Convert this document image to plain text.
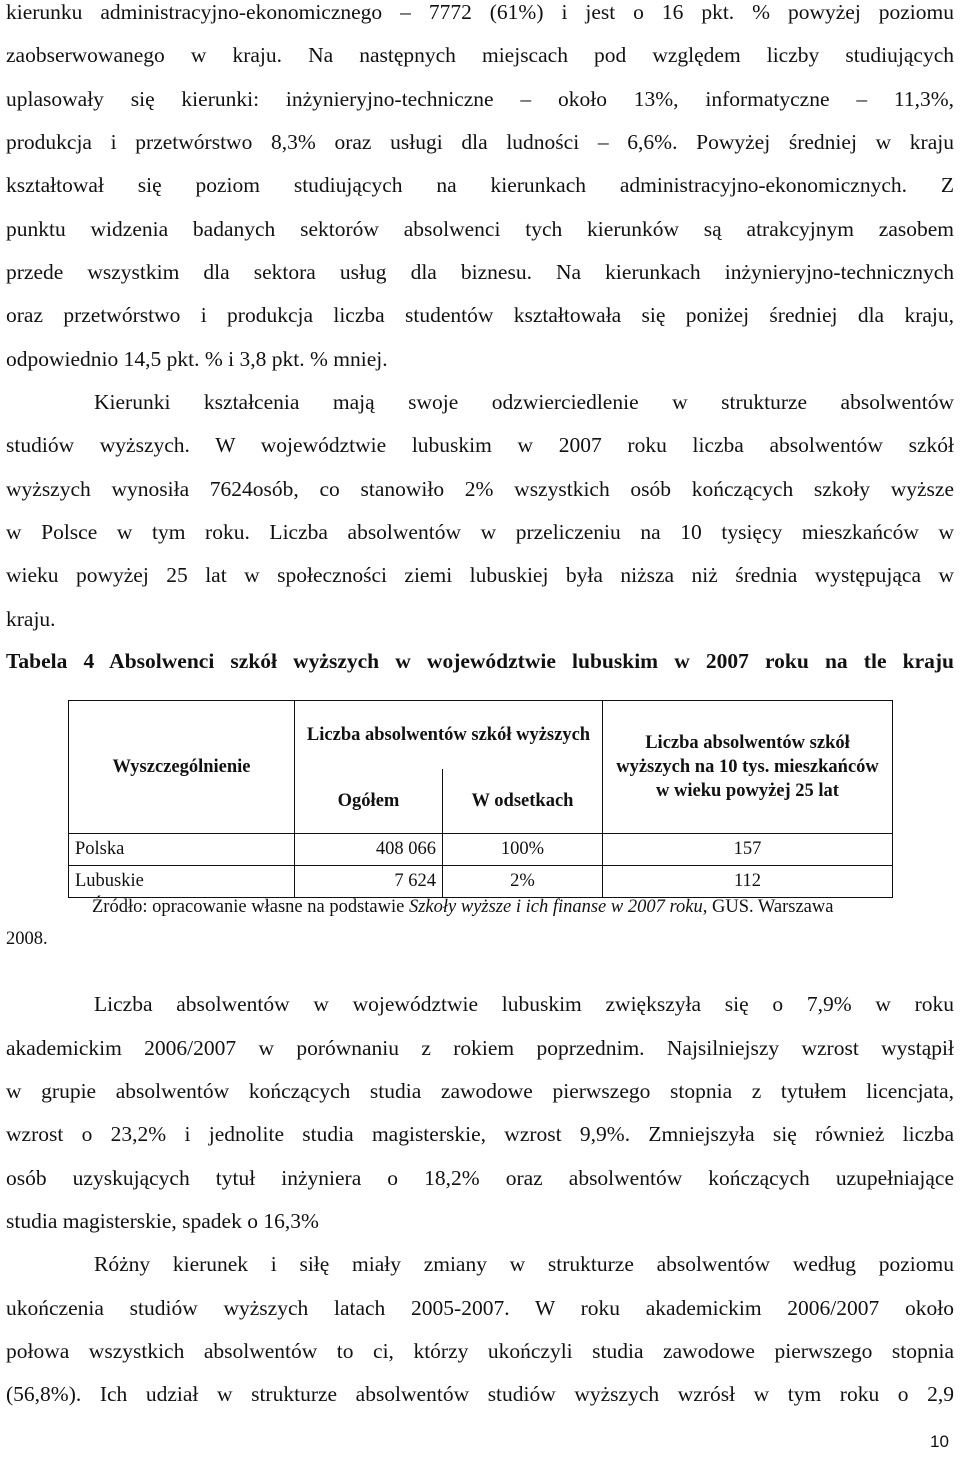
kierunku administracyjno-ekonomicznego – 7772 (61%) i jest o 16 pkt. % powyżej poziomu
zaobserwowanego w kraju. Na następnych miejscach pod względem liczby studiujących
uplasowały się kierunki: inżynieryjno-techniczne – około 13%, informatyczne – 11,3%,
produkcja i przetwórstwo 8,3% oraz usługi dla ludności – 6,6%. Powyżej średniej w kraju
kształtował się poziom studiujących na kierunkach administracyjno-ekonomicznych. Z
punktu widzenia badanych sektorów absolwenci tych kierunków są atrakcyjnym zasobem
przede wszystkim dla sektora usług dla biznesu. Na kierunkach inżynieryjno-technicznych
oraz przetwórstwo i produkcja liczba studentów kształtowała się poniżej średniej dla kraju,
odpowiednio 14,5 pkt. % i 3,8 pkt. % mniej.
Kierunki kształcenia mają swoje odzwierciedlenie w strukturze absolwentów
studiów wyższych. W województwie lubuskim w 2007 roku liczba absolwentów szkół
wyższych wynosiła 7624osób, co stanowiło 2% wszystkich osób kończących szkoły wyższe
w Polsce w tym roku. Liczba absolwentów w przeliczeniu na 10 tysięcy mieszkańców w
wieku powyżej 25 lat w społeczności ziemi lubuskiej była niższa niż średnia występująca w
kraju.
Tabela 4 Absolwenci szkół wyższych w województwie lubuskim w 2007 roku na tle kraju
Wyszczególnienie	Liczba absolwentów szkół wyższych		Liczba absolwentów szkół wyższych na 10 tys. mieszkańców w wieku powyżej 25 lat
	Ogółem	W odsetkach	
Polska	408 066	100%	157
Lubuskie	7 624	2%	112
Źródło: opracowanie własne na podstawie Szkoły wyższe i ich finanse w 2007 roku, GUS. Warszawa
2008.
Liczba absolwentów w województwie lubuskim zwiększyła się o 7,9% w roku
akademickim 2006/2007 w porównaniu z rokiem poprzednim. Najsilniejszy wzrost wystąpił
w grupie absolwentów kończących studia zawodowe pierwszego stopnia z tytułem licencjata,
wzrost o 23,2% i jednolite studia magisterskie, wzrost 9,9%. Zmniejszyła się również liczba
osób uzyskujących tytuł inżyniera o 18,2% oraz absolwentów kończących uzupełniające
studia magisterskie, spadek o 16,3%
Różny kierunek i siłę miały zmiany w strukturze absolwentów według poziomu
ukończenia studiów wyższych latach 2005-2007. W roku akademickim 2006/2007 około
połowa wszystkich absolwentów to ci, którzy ukończyli studia zawodowe pierwszego stopnia
(56,8%). Ich udział w strukturze absolwentów studiów wyższych wzrósł w tym roku o 2,9
10
